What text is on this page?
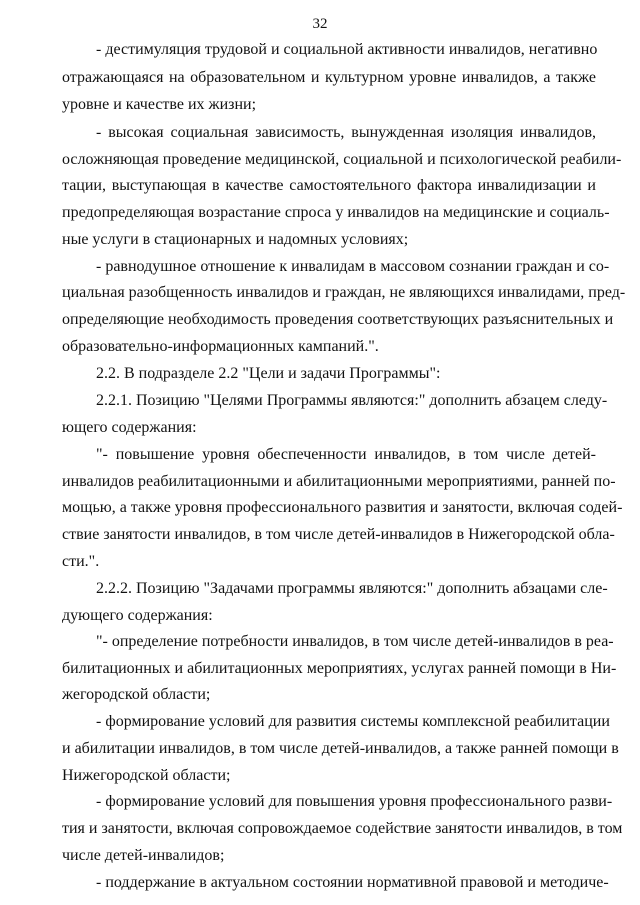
32
- дестимуляция трудовой и социальной активности инвалидов, негативно
отражающаяся на образовательном и культурном уровне инвалидов, а также
уровне и качестве их жизни;
- высокая социальная зависимость, вынужденная изоляция инвалидов,
осложняющая проведение медицинской, социальной и психологической реабили-
тации, выступающая в качестве самостоятельного фактора инвалидизации и
предопределяющая возрастание спроса у инвалидов на медицинские и социаль-
ные услуги в стационарных и надомных условиях;
- равнодушное отношение к инвалидам в массовом сознании граждан и со-
циальная разобщенность инвалидов и граждан, не являющихся инвалидами, пред-
определяющие необходимость проведения соответствующих разъяснительных и
образовательно-информационных кампаний.".
2.2. В подразделе 2.2 "Цели и задачи Программы":
2.2.1. Позицию "Целями Программы являются:" дополнить абзацем следу-
ющего содержания:
"- повышение уровня обеспеченности инвалидов, в том числе детей-
инвалидов реабилитационными и абилитационными мероприятиями, ранней по-
мощью, а также уровня профессионального развития и занятости, включая содей-
ствие занятости инвалидов, в том числе детей-инвалидов в Нижегородской обла-
сти.".
2.2.2. Позицию "Задачами программы являются:" дополнить абзацами сле-
дующего содержания:
"- определение потребности инвалидов, в том числе детей-инвалидов в реа-
билитационных и абилитационных мероприятиях, услугах ранней помощи в Ни-
жегородской области;
- формирование условий для развития системы комплексной реабилитации
и абилитации инвалидов, в том числе детей-инвалидов, а также ранней помощи в
Нижегородской области;
- формирование условий для повышения уровня профессионального разви-
тия и занятости, включая сопровождаемое содействие занятости инвалидов, в том
числе детей-инвалидов;
- поддержание в актуальном состоянии нормативной правовой и методиче-
